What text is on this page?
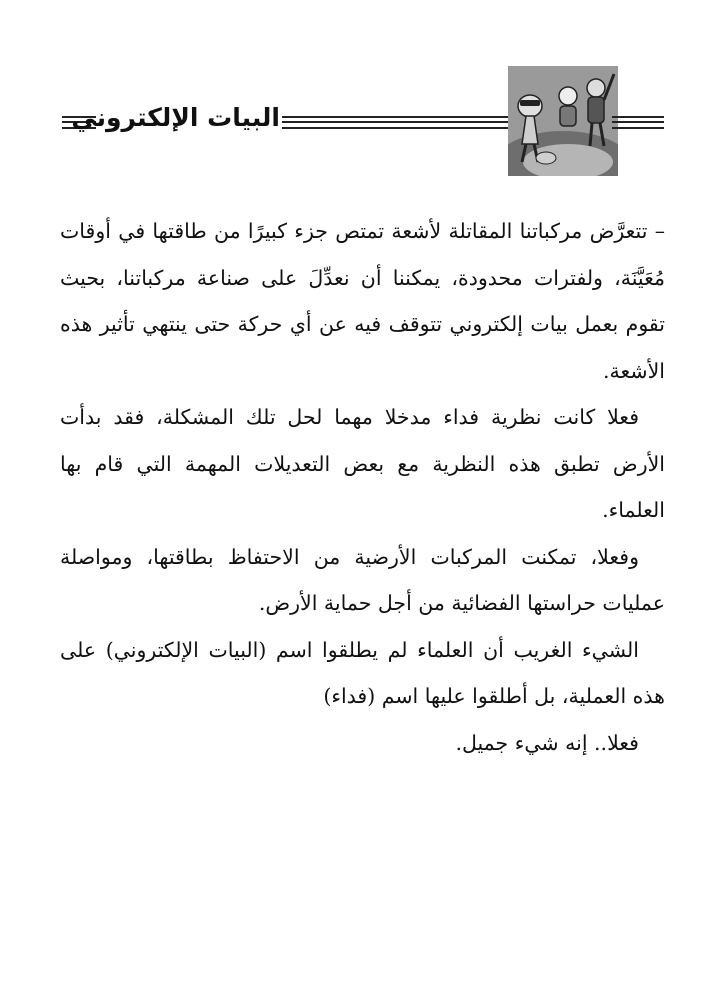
البيات الإلكتروني

– تتعرَّض مركباتنا المقاتلة لأشعة تمتص جزء كبيرًا من طاقتها في أوقات مُعَيَّنَة، ولفترات محدودة، يمكننا أن نعدِّلَ على صناعة مركباتنا، بحيث تقوم بعمل بيات إلكتروني تتوقف فيه عن أي حركة حتى ينتهي تأثير هذه الأشعة.

فعلا كانت نظرية فداء مدخلا مهما لحل تلك المشكلة، فقد بدأت الأرض تطبق هذه النظرية مع بعض التعديلات المهمة التي قام بها العلماء.

وفعلا، تمكنت المركبات الأرضية من الاحتفاظ بطاقتها، ومواصلة عمليات حراستها الفضائية من أجل حماية الأرض.

الشيء الغريب أن العلماء لم يطلقوا اسم (البيات الإلكتروني) على هذه العملية، بل أطلقوا عليها اسم (فداء)

فعلا.. إنه شيء جميل.
